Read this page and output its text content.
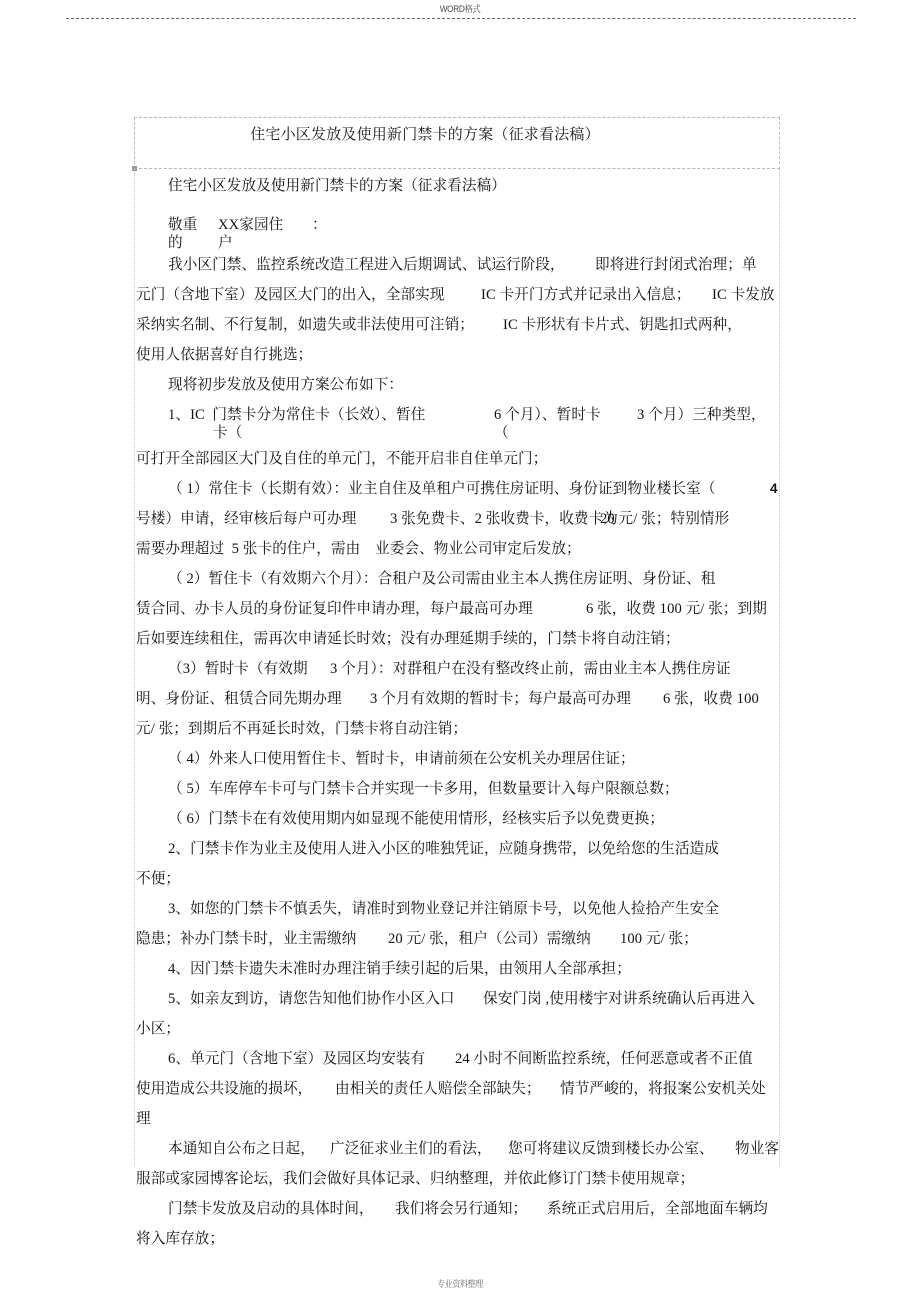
WORD格式
住宅小区发放及使用新门禁卡的方案（征求看法稿）
住宅小区发放及使用新门禁卡的方案（征求看法稿）
敬重
的
XX家园住
户
：
我小区门禁、监控系统改造工程进入后期调试、试运行阶段， 即将进行封闭式治理；单
元门（含地下室）及园区大门的出入，全部实现 IC 卡开门方式并记录出入信息； IC 卡发放
采纳实名制、不行复制，如遗失或非法使用可注销； IC 卡形状有卡片式、钥匙扣式两种，
使用人依据喜好自行挑选；
现将初步发放及使用方案公布如下：
1、IC  门禁卡分为常住卡（长效）、暂住
卡（
6 个月）、暂时卡
（
3 个月）三种类型，
可打开全部园区大门及自住的单元门，不能开启非自住单元门；
（ 1）常住卡（长期有效）：业主自住及单租户可携住房证明、身份证到物业楼长室（	4
号楼）申请，经审核后每户可办理 3 张免费卡、2 张收费卡，收费卡为
20 元/ 张；特别情形
需要办理超过  5 张卡的住户，需由 业委会、物业公司审定后发放；
（ 2）暂住卡（有效期六个月）：合租户及公司需由业主本人携住房证明、身份证、租
赁合同、办卡人员的身份证复印件申请办理，每户最高可办理	6 张，收费 100 元/ 张；到期
后如要连续租住，需再次申请延长时效；没有办理延期手续的，门禁卡将自动注销；
（3）暂时卡（有效期 3 个月）：对群租户在没有整改终止前，需由业主本人携住房证
明、身份证、租赁合同先期办理 3 个月有效期的暂时卡；每户最高可办理 6 张，收费 100
元/ 张；到期后不再延长时效，门禁卡将自动注销；
（ 4）外来人口使用暂住卡、暂时卡，申请前须在公安机关办理居住证；
（ 5）车库停车卡可与门禁卡合并实现一卡多用，但数量要计入每户限额总数；
（ 6）门禁卡在有效使用期内如显现不能使用情形，经核实后予以免费更换；
2、门禁卡作为业主及使用人进入小区的唯独凭证，应随身携带，以免给您的生活造成
不便；
3、如您的门禁卡不慎丢失，请准时到物业登记并注销原卡号，以免他人捡拾产生安全
隐患；补办门禁卡时，业主需缴纳 20 元/ 张，租户（公司）需缴纳 100 元/ 张；
4、因门禁卡遗失未准时办理注销手续引起的后果，由领用人全部承担；
5、如亲友到访，请您告知他们协作小区入口 保安门岗 ,使用楼宇对讲系统确认后再进入
小区；
6、单元门（含地下室）及园区均安装有 24 小时不间断监控系统，任何恶意或者不正值
使用造成公共设施的损坏， 由相关的责任人赔偿全部缺失； 情节严峻的，将报案公安机关处
理
本通知自公布之日起， 广泛征求业主们的看法， 您可将建议反馈到楼长办公室、 物业客
服部或家园博客论坛，我们会做好具体记录、归纳整理，并依此修订门禁卡使用规章；
门禁卡发放及启动的具体时间， 我们将会另行通知； 系统正式启用后， 全部地面车辆均
将入库存放；
专业资料整理
